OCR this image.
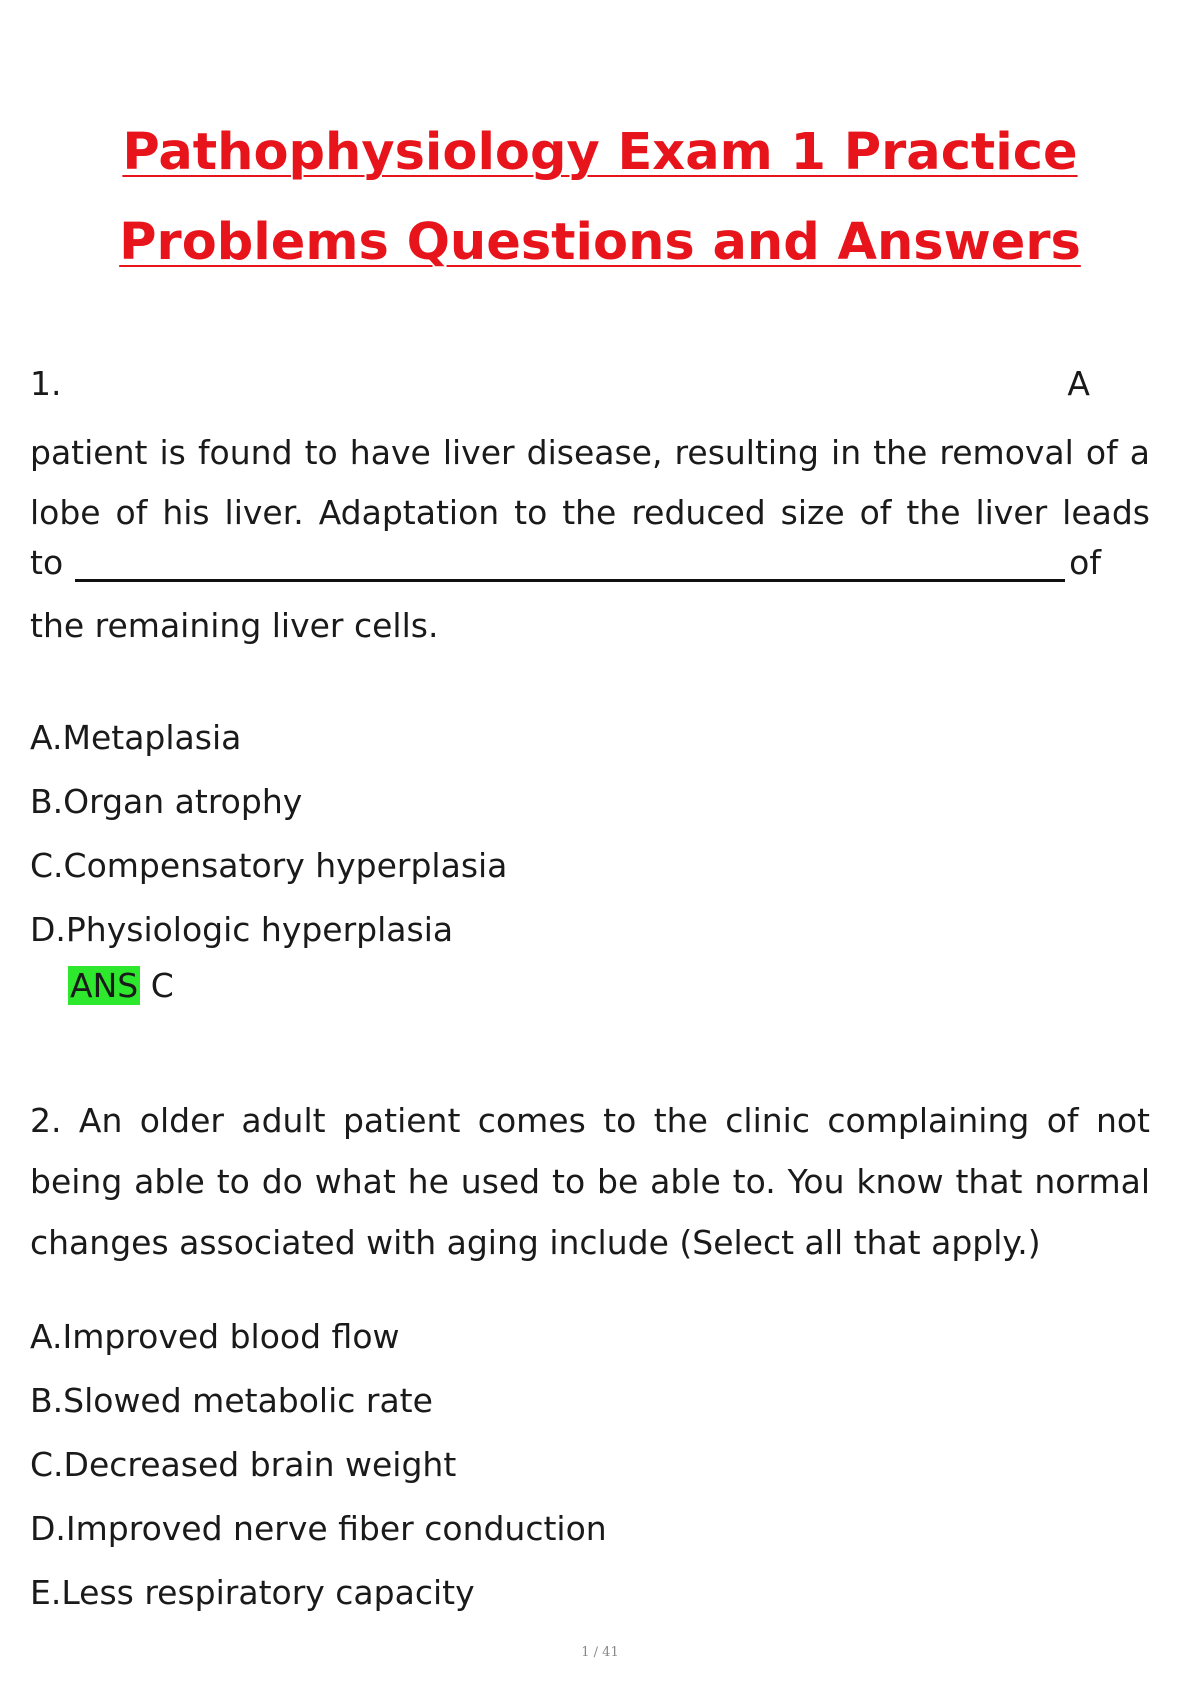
Pathophysiology Exam 1 Practice
Problems Questions and Answers
1.	A
patient is found to have liver disease, resulting in the removal of a lobe of his liver. Adaptation to the reduced size of the liver leads
to	of
the remaining liver cells.
A.Metaplasia
B.Organ atrophy
C.Compensatory hyperplasia
D.Physiologic hyperplasia
ANS C
2. An older adult patient comes to the clinic complaining of not being able to do what he used to be able to. You know that normal changes associated with aging include (Select all that apply.)
A.Improved blood flow
B.Slowed metabolic rate
C.Decreased brain weight
D.Improved nerve fiber conduction
E.Less respiratory capacity
1 / 41
